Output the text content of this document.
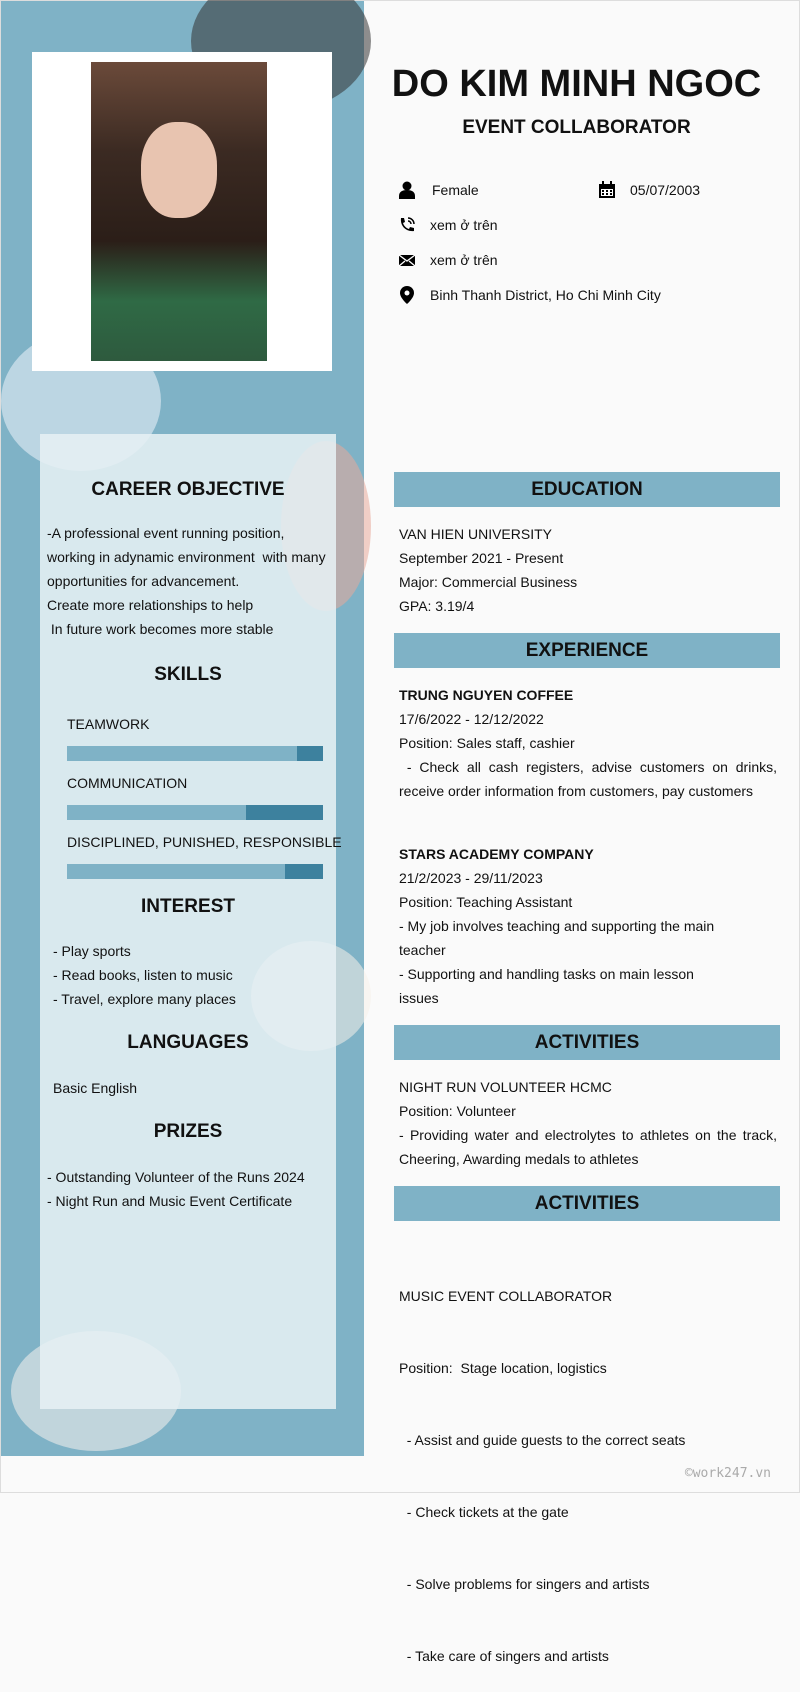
CAREER OBJECTIVE
-A professional event running position,
working in adynamic environment  with many
opportunities for advancement.
Create more relationships to help
In future work becomes more stable
SKILLS
TEAMWORK
COMMUNICATION
DISCIPLINED, PUNISHED, RESPONSIBLE
INTEREST
- Play sports
- Read books, listen to music
- Travel, explore many places
LANGUAGES
Basic English
PRIZES
- Outstanding Volunteer of the Runs 2024
- Night Run and Music Event Certificate
DO KIM MINH NGOC
EVENT COLLABORATOR
Female	05/07/2003
xem ở trên
xem ở trên
Binh Thanh District, Ho Chi Minh City
EDUCATION
VAN HIEN UNIVERSITY
September 2021 - Present
Major: Commercial Business
GPA: 3.19/4
EXPERIENCE
TRUNG NGUYEN COFFEE
17/6/2022 - 12/12/2022
Position: Sales staff, cashier
- Check all cash registers, advise customers on drinks, receive order information from customers, pay customers
STARS ACADEMY COMPANY
21/2/2023 - 29/11/2023
Position: Teaching Assistant
- My job involves teaching and supporting the main teacher
- Supporting and handling tasks on main lesson issues
ACTIVITIES
NIGHT RUN VOLUNTEER HCMC
Position: Volunteer
- Providing water and electrolytes to athletes on the track, Cheering, Awarding medals to athletes
ACTIVITIES

MUSIC EVENT COLLABORATOR

Position:  Stage location, logistics

- Assist and guide guests to the correct seats

- Check tickets at the gate

- Solve problems for singers and artists

- Take care of singers and artists

©work247.vn
